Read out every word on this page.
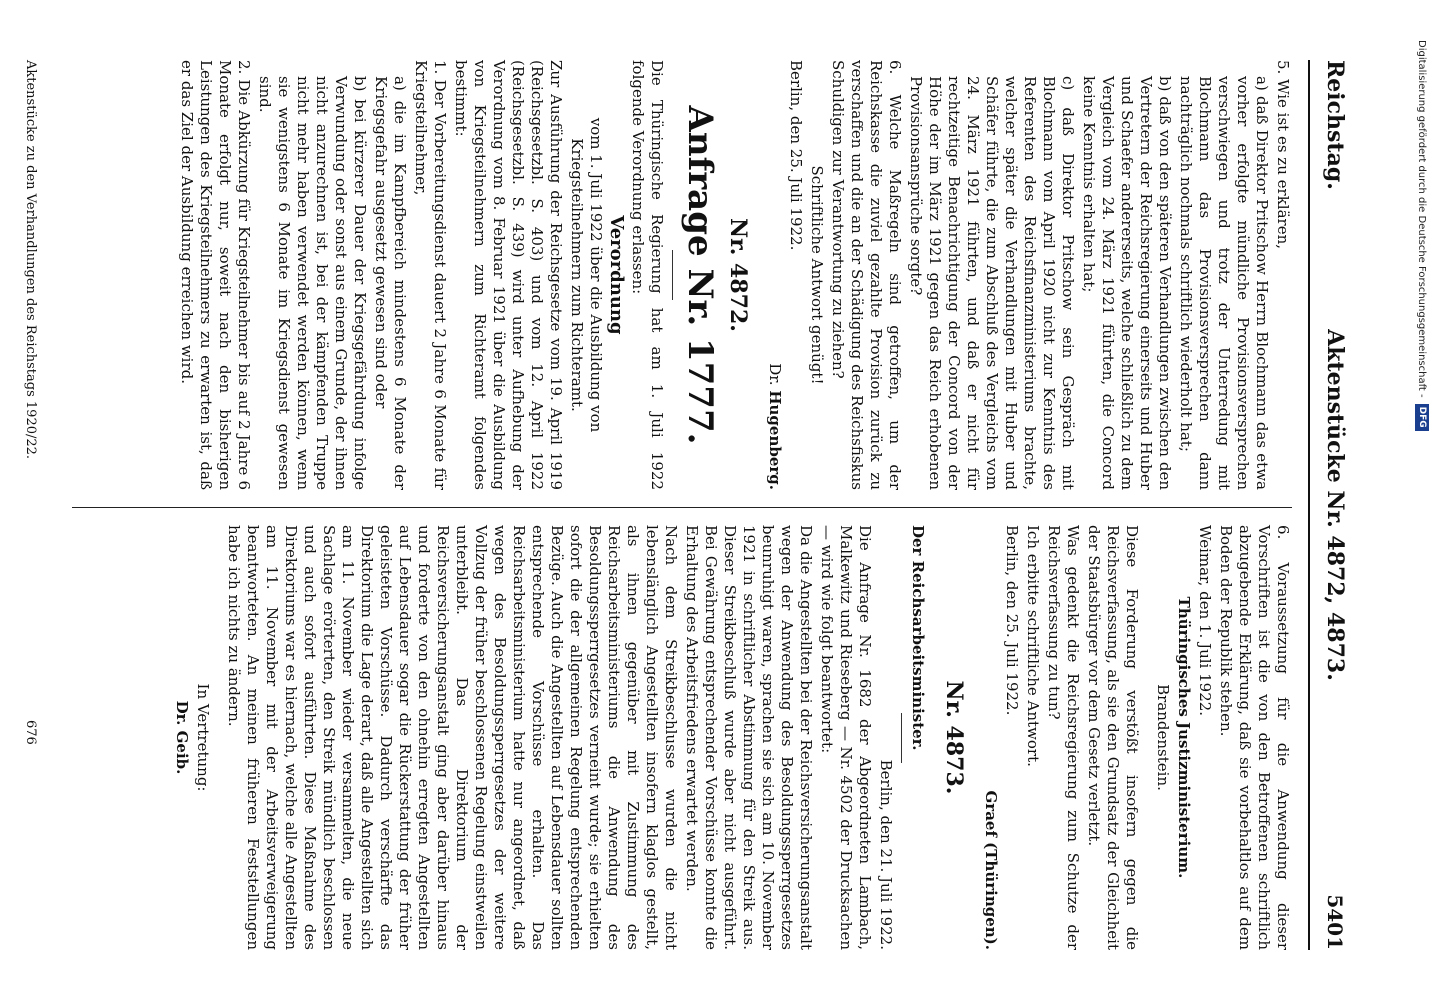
Reichstag.
Aktenstücke Nr. 4872, 4873.
5401

5. Wie ist es zu erklären,

a) daß Direktor Pritschow Herrn Blochmann das etwa vorher erfolgte mündliche Provisionsversprechen verschwiegen und trotz der Unterredung mit Blochmann das Provisionsversprechen dann nachträglich nochmals schriftlich wiederholt hat;

b) daß von den späteren Verhandlungen zwischen den Vertretern der Reichsregierung einerseits und Huber und Schaefer andererseits, welche schließlich zu dem Vergleich vom 24. März 1921 führten, die Concord keine Kenntnis erhalten hat;

c) daß Direktor Pritschow sein Gespräch mit Blochmann vom April 1920 nicht zur Kenntnis des Referenten des Reichsfinanzministeriums brachte, welcher später die Verhandlungen mit Huber und Schäfer führte, die zum Abschluß des Vergleichs vom 24. März 1921 führten, und daß er nicht für rechtzeitige Benachrichtigung der Concord von der Höhe der im März 1921 gegen das Reich erhobenen Provisionsansprüche sorgte?

6. Welche Maßregeln sind getroffen, um der Reichskasse die zuviel gezahlte Provision zurück zu verschaffen und die an der Schädigung des Reichsfiskus Schuldigen zur Verantwortung zu ziehen?

Schriftliche Antwort genügt!

Berlin, den 25. Juli 1922.

Dr. Hugenberg.

Nr. 4872.

Anfrage Nr. 1777.

Die Thüringische Regierung hat am 1. Juli 1922 folgende Verordnung erlassen:

Verordnung

vom 1. Juli 1922 über die Ausbildung von Kriegsteilnehmern zum Richteramt.

Zur Ausführung der Reichsgesetze vom 19. April 1919 (Reichsgesetzbl. S. 403) und vom 12. April 1922 (Reichsgesetzbl. S. 439) wird unter Aufhebung der Verordnung vom 8. Februar 1921 über die Ausbildung von Kriegsteilnehmern zum Richteramt folgendes bestimmt:

1. Der Vorbereitungsdienst dauert 2 Jahre 6 Monate für Kriegsteilnehmer,

a) die im Kampfbereich mindestens 6 Monate der Kriegsgefahr ausgesetzt gewesen sind oder

b) bei kürzerer Dauer der Kriegsgefährdung infolge Verwundung oder sonst aus einem Grunde, der ihnen nicht anzurechnen ist, bei der kämpfenden Truppe nicht mehr haben verwendet werden können, wenn sie wenigstens 6 Monate im Kriegsdienst gewesen sind.

2. Die Abkürzung für Kriegsteilnehmer bis auf 2 Jahre 6 Monate erfolgt nur, soweit nach den bisherigen Leistungen des Kriegsteilnehmers zu erwarten ist, daß er das Ziel der Ausbildung erreichen wird.

6. Voraussetzung für die Anwendung dieser Vorschriften ist die von den Betroffenen schriftlich abzugebende Erklärung, daß sie vorbehaltlos auf dem Boden der Republik stehen.

Weimar, den 1. Juli 1922.

Thüringisches Justizministerium.

Brandenstein.

Diese Forderung verstößt insofern gegen die Reichsverfassung, als sie den Grundsatz der Gleichheit der Staatsbürger vor dem Gesetz verletzt.

Was gedenkt die Reichsregierung zum Schutze der Reichsverfassung zu tun?

Ich erbitte schriftliche Antwort.

Berlin, den 25. Juli 1922.

Graef (Thüringen).

Nr. 4873.

Der Reichsarbeitsminister.

Berlin, den 21. Juli 1922.

Die Anfrage Nr. 1682 der Abgeordneten Lambach, Malkewitz und Rieseberg — Nr. 4502 der Drucksachen — wird wie folgt beantwortet:

Da die Angestellten bei der Reichsversicherungsanstalt wegen der Anwendung des Besoldungssperrgesetzes beunruhigt waren, sprachen sie sich am 10. November 1921 in schriftlicher Abstimmung für den Streik aus. Dieser Streikbeschluß wurde aber nicht ausgeführt. Bei Gewährung entsprechender Vorschüsse konnte die Erhaltung des Arbeitsfriedens erwartet werden.

Nach dem Streikbeschlusse wurden die nicht lebenslänglich Angestellten insofern klaglos gestellt, als ihnen gegenüber mit Zustimmung des Reichsarbeitsministeriums die Anwendung des Besoldungssperrgesetzes verneint wurde; sie erhielten sofort die der allgemeinen Regelung entsprechenden Bezüge. Auch die Angestellten auf Lebensdauer sollten entsprechende Vorschüsse erhalten. Das Reichsarbeitsministerium hatte nur angeordnet, daß wegen des Besoldungssperrgesetzes der weitere Vollzug der früher beschlossenen Regelung einstweilen unterbleibt. Das Direktorium der Reichsversicherungsanstalt ging aber darüber hinaus und forderte von den ohnehin erregten Angestellten auf Lebensdauer sogar die Rückerstattung der früher geleisteten Vorschüsse. Dadurch verschärfte das Direktorium die Lage derart, daß alle Angestellten sich am 11. November wieder versammelten, die neue Sachlage erörterten, den Streik mündlich beschlossen und auch sofort ausführten. Diese Maßnahme des Direktoriums war es hiernach, welche alle Angestellten am 11. November mit der Arbeitsverweigerung beantworteten. An meinen früheren Feststellungen habe ich nichts zu ändern.

In Vertretung:

Dr. Geib.

Aktenstücke zu den Verhandlungen des Reichstags 1920/22.
676
Digitalisierung gefördert durch die Deutsche Forschungsgemeinschaft -
DFG
